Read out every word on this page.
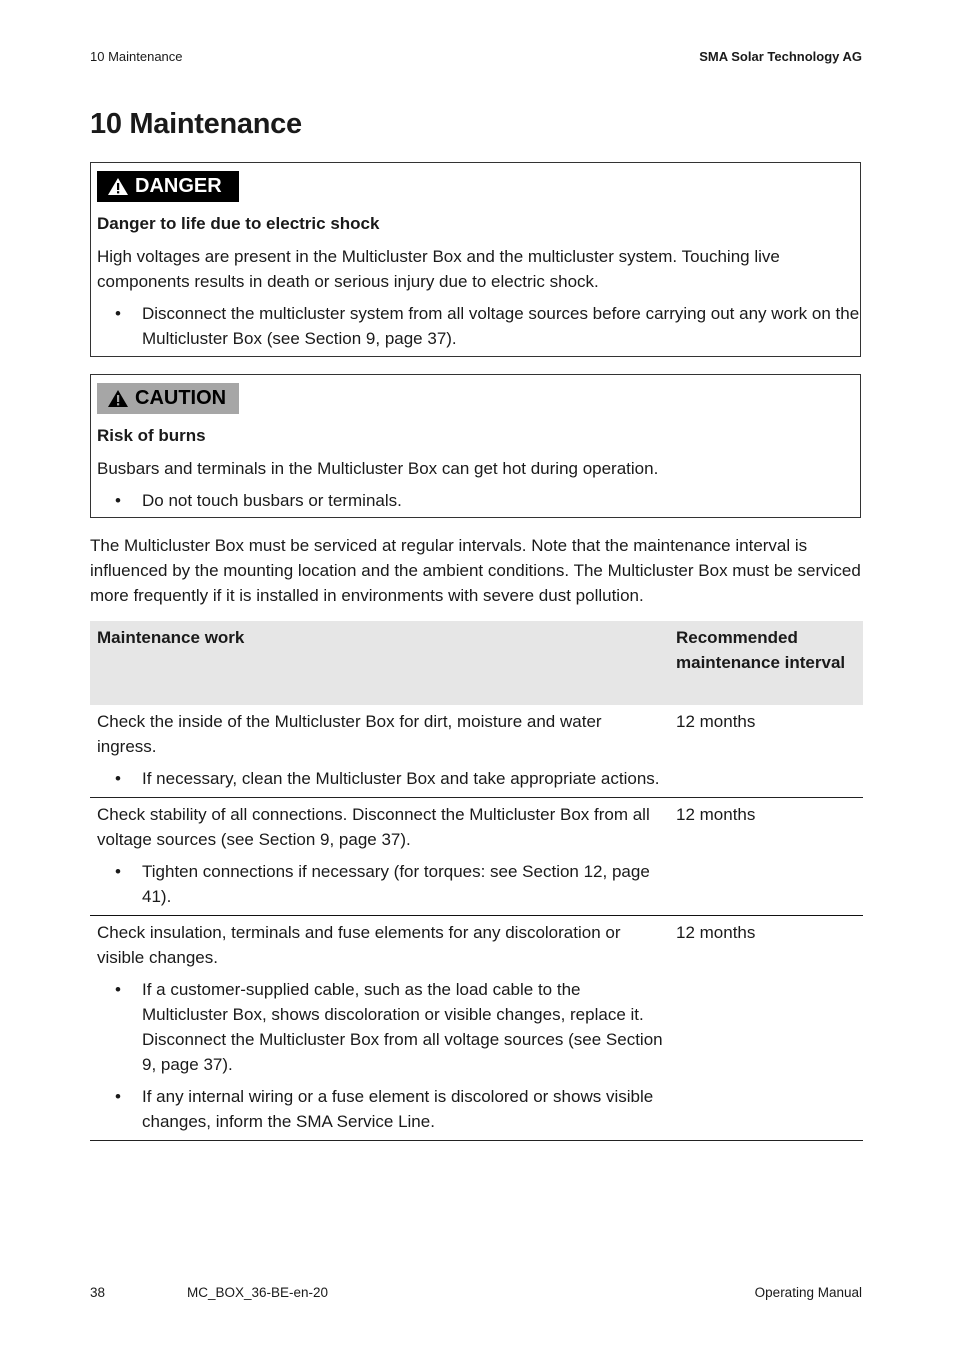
10 Maintenance	SMA Solar Technology AG
10 Maintenance
DANGER
Danger to life due to electric shock
High voltages are present in the Multicluster Box and the multicluster system. Touching live components results in death or serious injury due to electric shock.
• Disconnect the multicluster system from all voltage sources before carrying out any work on the Multicluster Box (see Section 9, page 37).
CAUTION
Risk of burns
Busbars and terminals in the Multicluster Box can get hot during operation.
• Do not touch busbars or terminals.
The Multicluster Box must be serviced at regular intervals. Note that the maintenance interval is influenced by the mounting location and the ambient conditions. The Multicluster Box must be serviced more frequently if it is installed in environments with severe dust pollution.
Maintenance work	Recommended maintenance interval

Check the inside of the Multicluster Box for dirt, moisture and water ingress.

• If necessary, clean the Multicluster Box and take appropriate actions.	12 months

Check stability of all connections. Disconnect the Multicluster Box from all voltage sources (see Section 9, page 37).

• Tighten connections if necessary (for torques: see Section 12, page 41).	12 months

Check insulation, terminals and fuse elements for any discoloration or visible changes.

• If a customer-supplied cable, such as the load cable to the Multicluster Box, shows discoloration or visible changes, replace it. Disconnect the Multicluster Box from all voltage sources (see Section 9, page 37).
• If any internal wiring or a fuse element is discolored or shows visible changes, inform the SMA Service Line.	12 months
38	MC_BOX_36-BE-en-20	Operating Manual
